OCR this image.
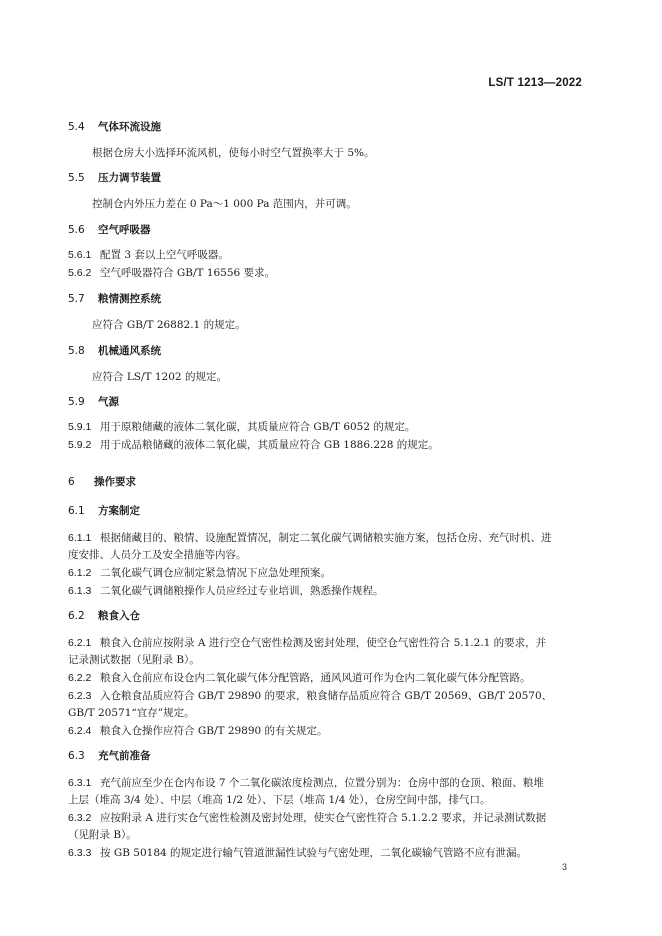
LS/T 1213—2022
5.4 气体环流设施
根据仓房大小选择环流风机，使每小时空气置换率大于 5%。
5.5 压力调节装置
控制仓内外压力差在 0 Pa～1 000 Pa 范围内，并可调。
5.6 空气呼吸器
5.6.1 配置 3 套以上空气呼吸器。
5.6.2 空气呼吸器符合 GB/T 16556 要求。
5.7 粮情测控系统
应符合 GB/T 26882.1 的规定。
5.8 机械通风系统
应符合 LS/T 1202 的规定。
5.9 气源
5.9.1 用于原粮储藏的液体二氧化碳，其质量应符合 GB/T 6052 的规定。
5.9.2 用于成品粮储藏的液体二氧化碳，其质量应符合 GB 1886.228 的规定。
6 操作要求
6.1 方案制定
6.1.1 根据储藏目的、粮情、设施配置情况，制定二氧化碳气调储粮实施方案，包括仓房、充气时机、进
度安排、人员分工及安全措施等内容。
6.1.2 二氧化碳气调仓应制定紧急情况下应急处理预案。
6.1.3 二氧化碳气调储粮操作人员应经过专业培训，熟悉操作规程。
6.2 粮食入仓
6.2.1 粮食入仓前应按附录 A 进行空仓气密性检测及密封处理，使空仓气密性符合 5.1.2.1 的要求，并
记录测试数据（见附录 B）。
6.2.2 粮食入仓前应布设仓内二氧化碳气体分配管路，通风风道可作为仓内二氧化碳气体分配管路。
6.2.3 入仓粮食品质应符合 GB/T 29890 的要求，粮食储存品质应符合 GB/T 20569、GB/T 20570、
GB/T 20571“宜存”规定。
6.2.4 粮食入仓操作应符合 GB/T 29890 的有关规定。
6.3 充气前准备
6.3.1 充气前应至少在仓内布设 7 个二氧化碳浓度检测点，位置分别为：仓房中部的仓顶、粮面、粮堆
上层（堆高 3/4 处）、中层（堆高 1/2 处）、下层（堆高 1/4 处），仓房空间中部，排气口。
6.3.2 应按附录 A 进行实仓气密性检测及密封处理，使实仓气密性符合 5.1.2.2 要求，并记录测试数据
（见附录 B）。
6.3.3 按 GB 50184 的规定进行输气管道泄漏性试验与气密处理，二氧化碳输气管路不应有泄漏。
3
